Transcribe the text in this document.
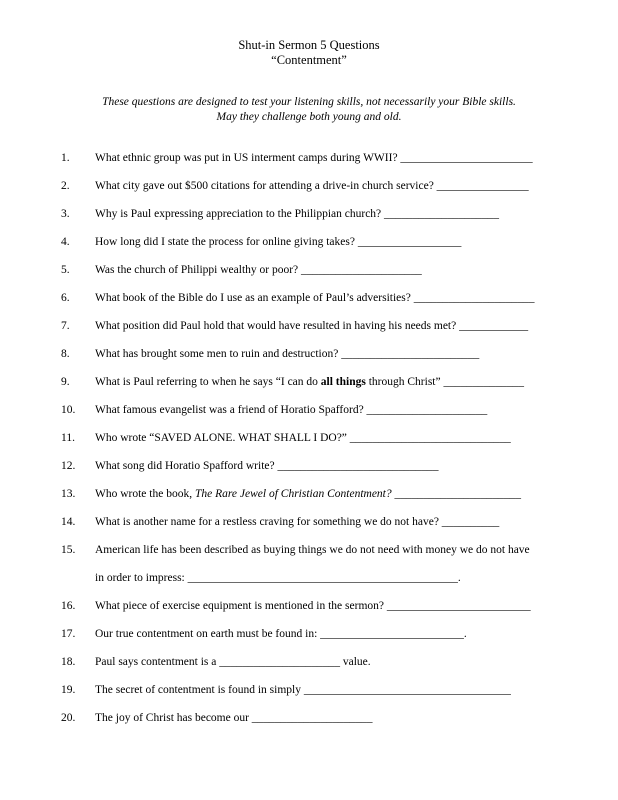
Shut-in Sermon 5 Questions
“Contentment”
These questions are designed to test your listening skills, not necessarily your Bible skills.
May they challenge both young and old.
1.	What ethnic group was put in US interment camps during WWII? _______________________
2.	What city gave out $500 citations for attending a drive-in church service? ________________
3.	Why is Paul expressing appreciation to the Philippian church? ____________________
4.	How long did I state the process for online giving takes? __________________
5.	Was the church of Philippi wealthy or poor? _____________________
6.	What book of the Bible do I use as an example of Paul’s adversities? _____________________
7.	What position did Paul hold that would have resulted in having his needs met? ____________
8.	What has brought some men to ruin and destruction? ________________________
9.	What is Paul referring to when he says “I can do all things through Christ” ______________
10.	What famous evangelist was a friend of Horatio Spafford? _____________________
11.	Who wrote “SAVED ALONE. WHAT SHALL I DO?” ____________________________
12.	What song did Horatio Spafford write? ____________________________
13.	Who wrote the book, The Rare Jewel of Christian Contentment? ______________________
14.	What is another name for a restless craving for something we do not have? __________
15.	American life has been described as buying things we do not need with money we do not have
in order to impress: _______________________________________________.
16.	What piece of exercise equipment is mentioned in the sermon? _________________________
17.	Our true contentment on earth must be found in: _________________________.
18.	Paul says contentment is a _____________________ value.
19.	The secret of contentment is found in simply ____________________________________
20.	The joy of Christ has become our _____________________
